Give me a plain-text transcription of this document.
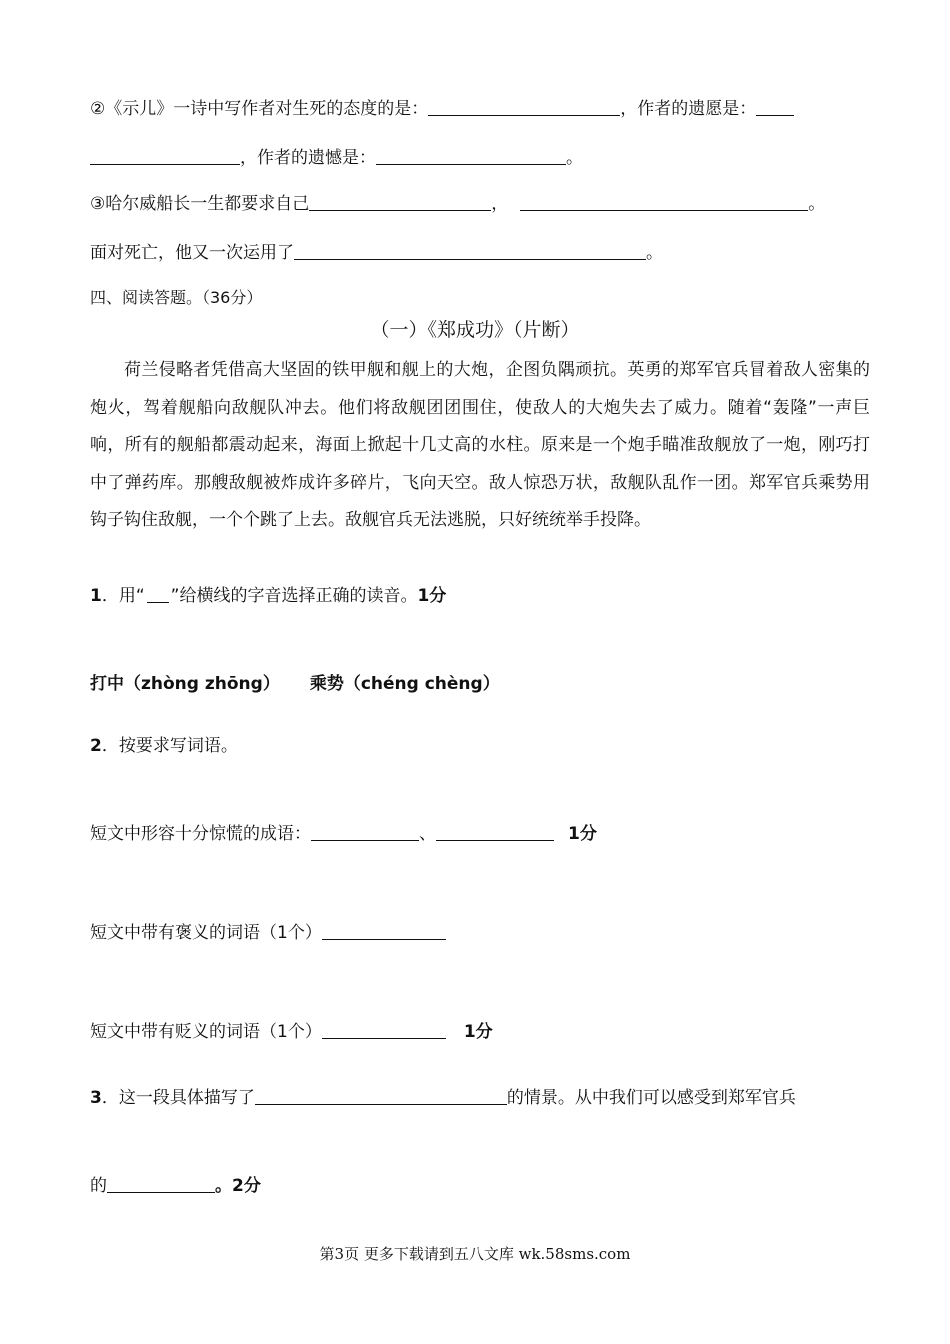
②《示儿》一诗中写作者对生死的态度的是：	，作者的遗愿是：
，作者的遗憾是：	。
③哈尔威船长一生都要求自己	，	。
面对死亡，他又一次运用了	。
四、阅读答题。（36分）
（一）《郑成功》（片断）
荷兰侵略者凭借高大坚固的铁甲舰和舰上的大炮，企图负隅顽抗。英勇的郑军官兵冒着敌人密集的炮火，驾着舰船向敌舰队冲去。他们将敌舰团团围住，使敌人的大炮失去了威力。随着“轰隆”一声巨响，所有的舰船都震动起来，海面上掀起十几丈高的水柱。原来是一个炮手瞄准敌舰放了一炮，刚巧打中了弹药库。那艘敌舰被炸成许多碎片，飞向天空。敌人惊恐万状，敌舰队乱作一团。郑军官兵乘势用钩子钩住敌舰，一个个跳了上去。敌舰官兵无法逃脱，只好统统举手投降。
1．用“ ”给横线的字音选择正确的读音。1分
打中（zhòng zhōng） 乘势（chéng chèng）
2．按要求写词语。
短文中形容十分惊慌的成语：	、	1分
短文中带有褒义的词语（1个）
短文中带有贬义的词语（1个）	1分
3．这一段具体描写了	的情景。从中我们可以感受到郑军官兵
的	。2分
第3页 更多下载请到五八文库 wk.58sms.com
